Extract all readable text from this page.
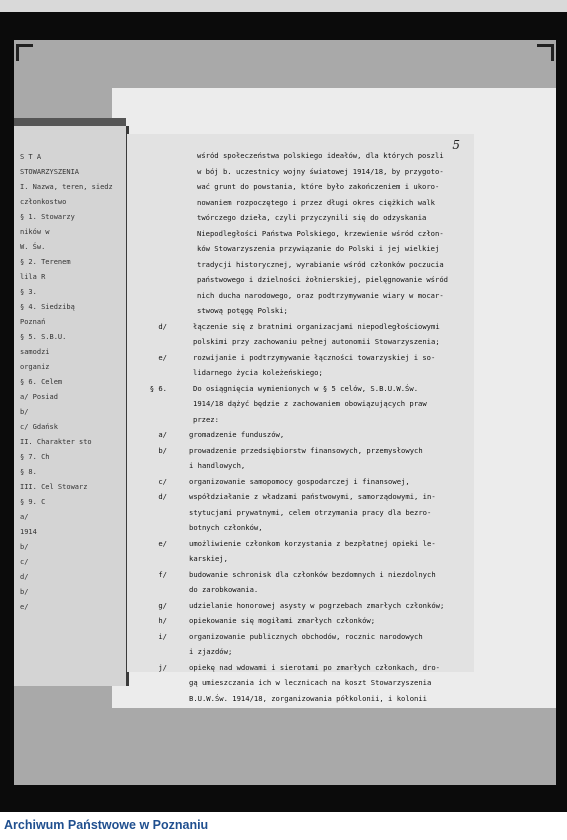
S T A
STOWARZYSZENIA
I. Nazwa, teren, siedz
członkostwo
§ 1. Stowarzy
ników w
W. Św.
§ 2. Terenem
lila R
§ 3.
§ 4. Siedzibą
Poznań
§ 5. S.B.U.
samodzi
organiz
§ 6. Celem
a/ Posiad
b/
c/ Gdańsk
II. Charakter sto
§ 7. Ch
§ 8.
III. Cel Stowarz
§ 9. C
a/
1914
b/
c/
d/
b/
e/
5
wśród społeczeństwa polskiego ideałów, dla których poszli
w bój b. uczestnicy wojny światowej 1914/18, by przygoto-
wać grunt do powstania, które było zakończeniem i ukoro-
nowaniem rozpoczętego i przez długi okres ciężkich walk
twórczego dzieła, czyli przyczynili się do odzyskania
Niepodległości Państwa Polskiego, krzewienie wśród człon-
ków Stowarzyszenia przywiązanie do Polski i jej wielkiej
tradycji historycznej, wyrabianie wśród członków poczucia
państwowego i dzielności żołnierskiej, pielęgnowanie wśród
nich ducha narodowego, oraz podtrzymywanie wiary w mocar-
stwową potęgę Polski;
d/	łączenie się z bratnimi organizacjami niepodległościowymi
polskimi przy zachowaniu pełnej autonomii Stowarzyszenia;
e/	rozwijanie i podtrzymywanie łączności towarzyskiej i so-
lidarnego życia koleżeńskiego;
§ 6.	Do osiągnięcia wymienionych w § 5 celów, S.B.U.W.Św.
1914/18 dążyć będzie z zachowaniem obowiązujących praw
przez:
a/	gromadzenie funduszów,
b/	prowadzenie przedsiębiorstw finansowych, przemysłowych
i handlowych,
c/	organizowanie samopomocy gospodarczej i finansowej,
d/	współdziałanie z władzami państwowymi, samorządowymi, in-
stytucjami prywatnymi, celem otrzymania pracy dla bezro-
botnych członków,
e/	umożliwienie członkom korzystania z bezpłatnej opieki le-
karskiej,
f/	budowanie schronisk dla członków bezdomnych i niezdolnych
do zarobkowania.
g/	udzielanie honorowej asysty w pogrzebach zmarłych członków;
h/	opiekowanie się mogiłami zmarłych członków;
i/	organizowanie publicznych obchodów, rocznic narodowych
i zjazdów;
j/	opiekę nad wdowami i sierotami po zmarłych członkach, dro-
gą umieszczania ich w lecznicach na koszt Stowarzyszenia
B.U.W.Św. 1914/18, zorganizowania półkolonii, i kolonii
Archiwum Państwowe w Poznaniu
